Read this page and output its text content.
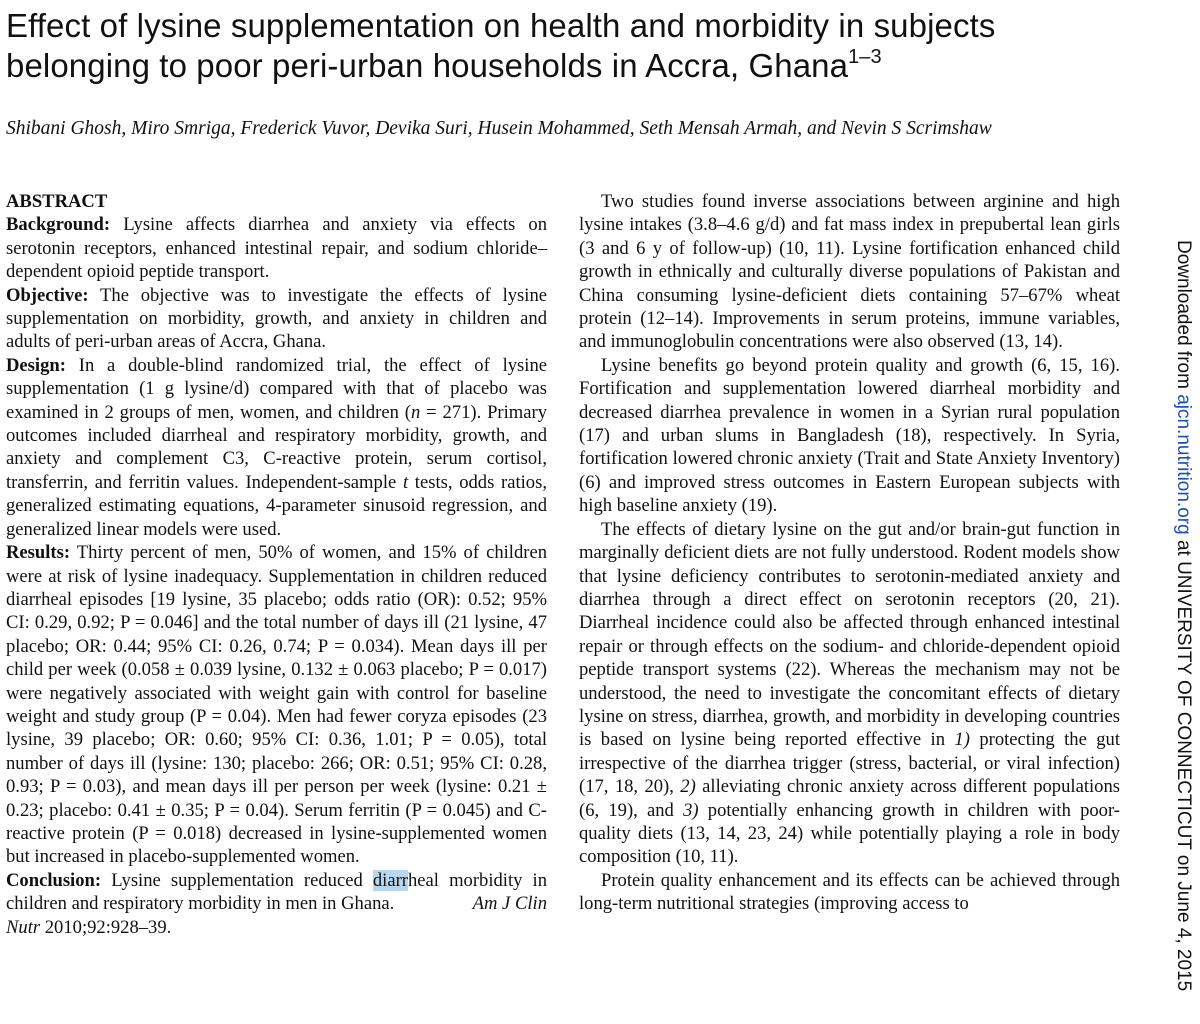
Effect of lysine supplementation on health and morbidity in subjects belonging to poor peri-urban households in Accra, Ghana$^{1-3}$
Shibani Ghosh, Miro Smriga, Frederick Vuvor, Devika Suri, Husein Mohammed, Seth Mensah Armah, and Nevin S Scrimshaw

ABSTRACT

Background: Lysine affects diarrhea and anxiety via effects on serotonin receptors, enhanced intestinal repair, and sodium chloride–dependent opioid peptide transport.

Objective: The objective was to investigate the effects of lysine supplementation on morbidity, growth, and anxiety in children and adults of peri-urban areas of Accra, Ghana.

Design: In a double-blind randomized trial, the effect of lysine supplementation (1 g lysine/d) compared with that of placebo was examined in 2 groups of men, women, and children (n = 271). Primary outcomes included diarrheal and respiratory morbidity, growth, and anxiety and complement C3, C-reactive protein, serum cortisol, transferrin, and ferritin values. Independent-sample t tests, odds ratios, generalized estimating equations, 4-parameter sinusoid regression, and generalized linear models were used.

Results: Thirty percent of men, 50% of women, and 15% of children were at risk of lysine inadequacy. Supplementation in children reduced diarrheal episodes [19 lysine, 35 placebo; odds ratio (OR): 0.52; 95% CI: 0.29, 0.92; P = 0.046] and the total number of days ill (21 lysine, 47 placebo; OR: 0.44; 95% CI: 0.26, 0.74; P = 0.034). Mean days ill per child per week (0.058 ± 0.039 lysine, 0.132 ± 0.063 placebo; P = 0.017) were negatively associated with weight gain with control for baseline weight and study group (P = 0.04). Men had fewer coryza episodes (23 lysine, 39 placebo; OR: 0.60; 95% CI: 0.36, 1.01; P = 0.05), total number of days ill (lysine: 130; placebo: 266; OR: 0.51; 95% CI: 0.28, 0.93; P = 0.03), and mean days ill per person per week (lysine: 0.21 ± 0.23; placebo: 0.41 ± 0.35; P = 0.04). Serum ferritin (P = 0.045) and C-reactive protein (P = 0.018) decreased in lysine-supplemented women but increased in placebo-supplemented women.

Conclusion: Lysine supplementation reduced diarrheal morbidity in children and respiratory morbidity in men in Ghana.	Am J Clin

Nutr 2010;92:928–39.

Two studies found inverse associations between arginine and high lysine intakes (3.8–4.6 g/d) and fat mass index in prepubertal lean girls (3 and 6 y of follow-up) (10, 11). Lysine fortification enhanced child growth in ethnically and culturally diverse populations of Pakistan and China consuming lysine-deficient diets containing 57–67% wheat protein (12–14). Improvements in serum proteins, immune variables, and immunoglobulin concentrations were also observed (13, 14).

Lysine benefits go beyond protein quality and growth (6, 15, 16). Fortification and supplementation lowered diarrheal morbidity and decreased diarrhea prevalence in women in a Syrian rural population (17) and urban slums in Bangladesh (18), respectively. In Syria, fortification lowered chronic anxiety (Trait and State Anxiety Inventory) (6) and improved stress outcomes in Eastern European subjects with high baseline anxiety (19).

The effects of dietary lysine on the gut and/or brain-gut function in marginally deficient diets are not fully understood. Rodent models show that lysine deficiency contributes to serotonin-mediated anxiety and diarrhea through a direct effect on serotonin receptors (20, 21). Diarrheal incidence could also be affected through enhanced intestinal repair or through effects on the sodium- and chloride-dependent opioid peptide transport systems (22). Whereas the mechanism may not be understood, the need to investigate the concomitant effects of dietary lysine on stress, diarrhea, growth, and morbidity in developing countries is based on lysine being reported effective in 1) protecting the gut irrespective of the diarrhea trigger (stress, bacterial, or viral infection) (17, 18, 20), 2) alleviating chronic anxiety across different populations (6, 19), and 3) potentially enhancing growth in children with poor-quality diets (13, 14, 23, 24) while potentially playing a role in body composition (10, 11).

Protein quality enhancement and its effects can be achieved through long-term nutritional strategies (improving access to

Downloaded from ajcn.nutrition.org at UNIVERSITY OF CONNECTICUT on June 4, 2015
